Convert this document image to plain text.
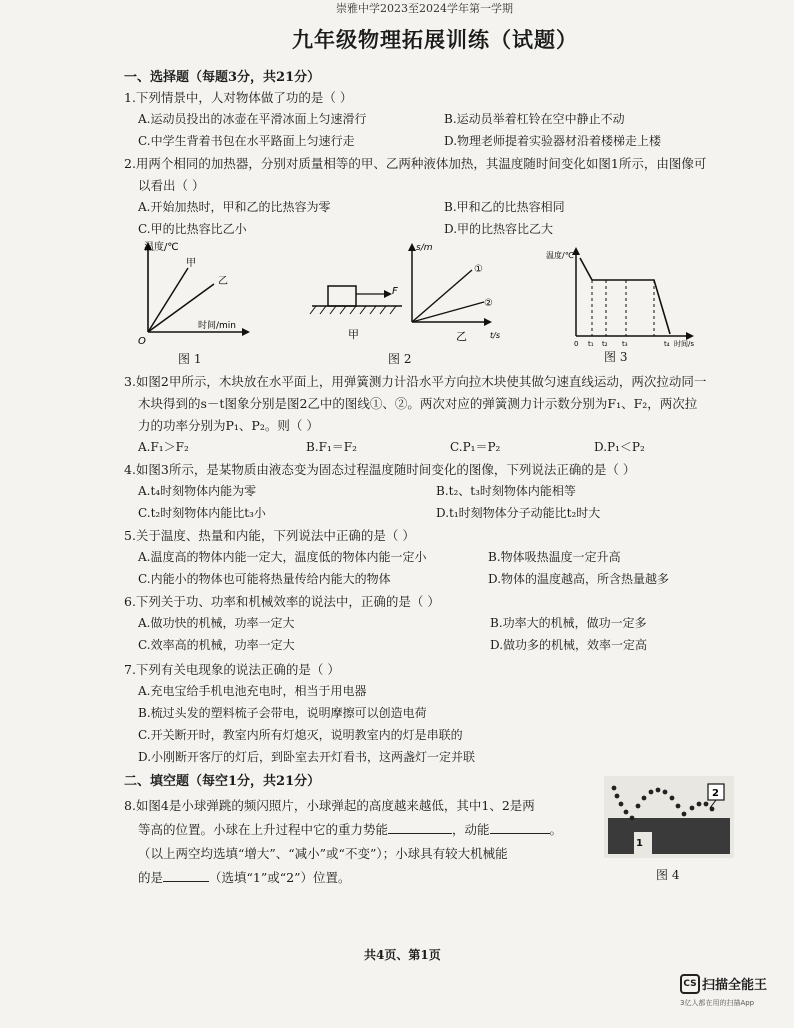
崇雅中学2023至2024学年第一学期
九年级物理拓展训练（试题）
一、选择题（每题3分，共21分）
1.下列情景中，人对物体做了功的是（ ）
A.运动员投出的冰壶在平滑冰面上匀速滑行	B.运动员举着杠铃在空中静止不动
C.中学生背着书包在水平路面上匀速行走	D.物理老师提着实验器材沿着楼梯走上楼
2.用两个相同的加热器，分别对质量相等的甲、乙两种液体加热，其温度随时间变化如图1所示，由图像可
以看出（ ）
A.开始加热时，甲和乙的比热容为零	B.甲和乙的比热容相同
C.甲的比热容比乙小	D.甲的比热容比乙大
温度/℃
甲
乙
时间/min
O
图 1
F
甲
s/m
①
②
乙	t/s
图 2
温度/℃
0 t₁ t₂ t₃	t₄ 时间/s
图 3
3.如图2甲所示，木块放在水平面上，用弹簧测力计沿水平方向拉木块使其做匀速直线运动，两次拉动同一
木块得到的s－t图象分别是图2乙中的图线①、②。两次对应的弹簧测力计示数分别为F₁、F₂，两次拉
力的功率分别为P₁、P₂。则（ ）
A.F₁＞F₂	B.F₁＝F₂	C.P₁＝P₂	D.P₁＜P₂
4.如图3所示，是某物质由液态变为固态过程温度随时间变化的图像，下列说法正确的是（ ）
A.t₄时刻物体内能为零	B.t₂、t₃时刻物体内能相等
C.t₂时刻物体内能比t₃小	D.t₁时刻物体分子动能比t₂时大
5.关于温度、热量和内能，下列说法中正确的是（ ）
A.温度高的物体内能一定大，温度低的物体内能一定小	B.物体吸热温度一定升高
C.内能小的物体也可能将热量传给内能大的物体	D.物体的温度越高，所含热量越多
6.下列关于功、功率和机械效率的说法中，正确的是（ ）
A.做功快的机械，功率一定大	B.功率大的机械，做功一定多
C.效率高的机械，功率一定大	D.做功多的机械，效率一定高
7.下列有关电现象的说法正确的是（ ）
A.充电宝给手机电池充电时，相当于用电器
B.梳过头发的塑料梳子会带电，说明摩擦可以创造电荷
C.开关断开时，教室内所有灯熄灭，说明教室内的灯是串联的
D.小刚断开客厅的灯后，到卧室去开灯看书，这两盏灯一定并联
二、填空题（每空1分，共21分）
8.如图4是小球弹跳的频闪照片，小球弹起的高度越来越低，其中1、2是两
等高的位置。小球在上升过程中它的重力势能	，动能	。
（以上两空均选填“增大”、“减小”或“不变”）；小球具有较大机械能
的是	（选填“1”或“2”）位置。
2
1
图 4
共4页、第1页
CS 扫描全能王
3亿人都在用的扫描App
